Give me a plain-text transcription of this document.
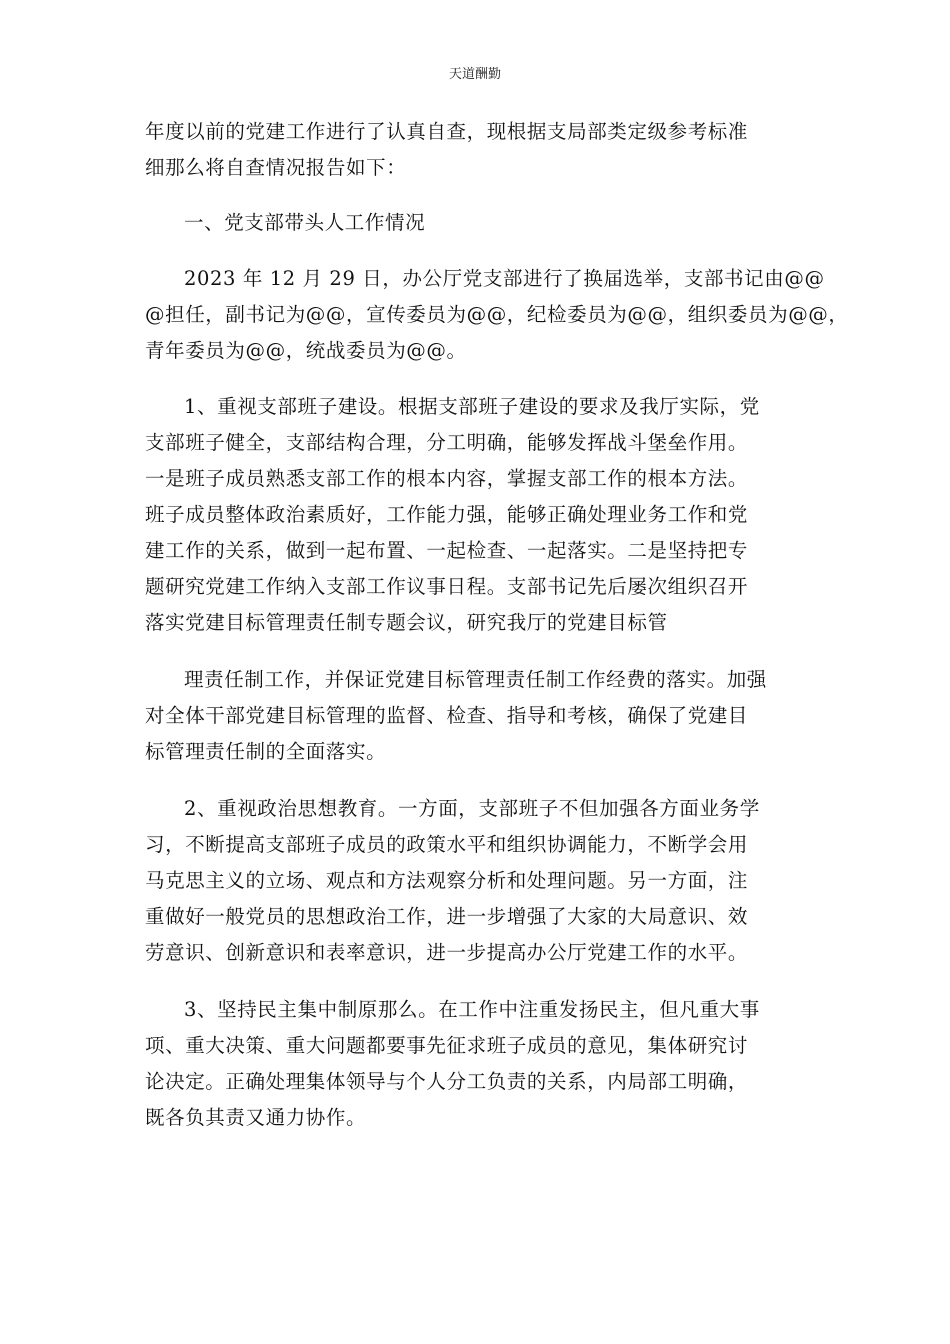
天道酬勤

年度以前的党建工作进行了认真自查，现根据支局部类定级参考标准
细那么将自查情况报告如下：

一、党支部带头人工作情况

2023 年 12 月 29 日，办公厅党支部进行了换届选举，支部书记由@@
@担任，副书记为@@，宣传委员为@@，纪检委员为@@，组织委员为@@，
青年委员为@@，统战委员为@@。

1、重视支部班子建设。根据支部班子建设的要求及我厅实际，党
支部班子健全，支部结构合理，分工明确，能够发挥战斗堡垒作用。
一是班子成员熟悉支部工作的根本内容，掌握支部工作的根本方法。
班子成员整体政治素质好，工作能力强，能够正确处理业务工作和党
建工作的关系，做到一起布置、一起检查、一起落实。二是坚持把专
题研究党建工作纳入支部工作议事日程。支部书记先后屡次组织召开
落实党建目标管理责任制专题会议，研究我厅的党建目标管

理责任制工作，并保证党建目标管理责任制工作经费的落实。加强
对全体干部党建目标管理的监督、检查、指导和考核，确保了党建目
标管理责任制的全面落实。

2、重视政治思想教育。一方面，支部班子不但加强各方面业务学
习，不断提高支部班子成员的政策水平和组织协调能力，不断学会用
马克思主义的立场、观点和方法观察分析和处理问题。另一方面，注
重做好一般党员的思想政治工作，进一步增强了大家的大局意识、效
劳意识、创新意识和表率意识，进一步提高办公厅党建工作的水平。

3、坚持民主集中制原那么。在工作中注重发扬民主，但凡重大事
项、重大决策、重大问题都要事先征求班子成员的意见，集体研究讨
论决定。正确处理集体领导与个人分工负责的关系，内局部工明确，
既各负其责又通力协作。
